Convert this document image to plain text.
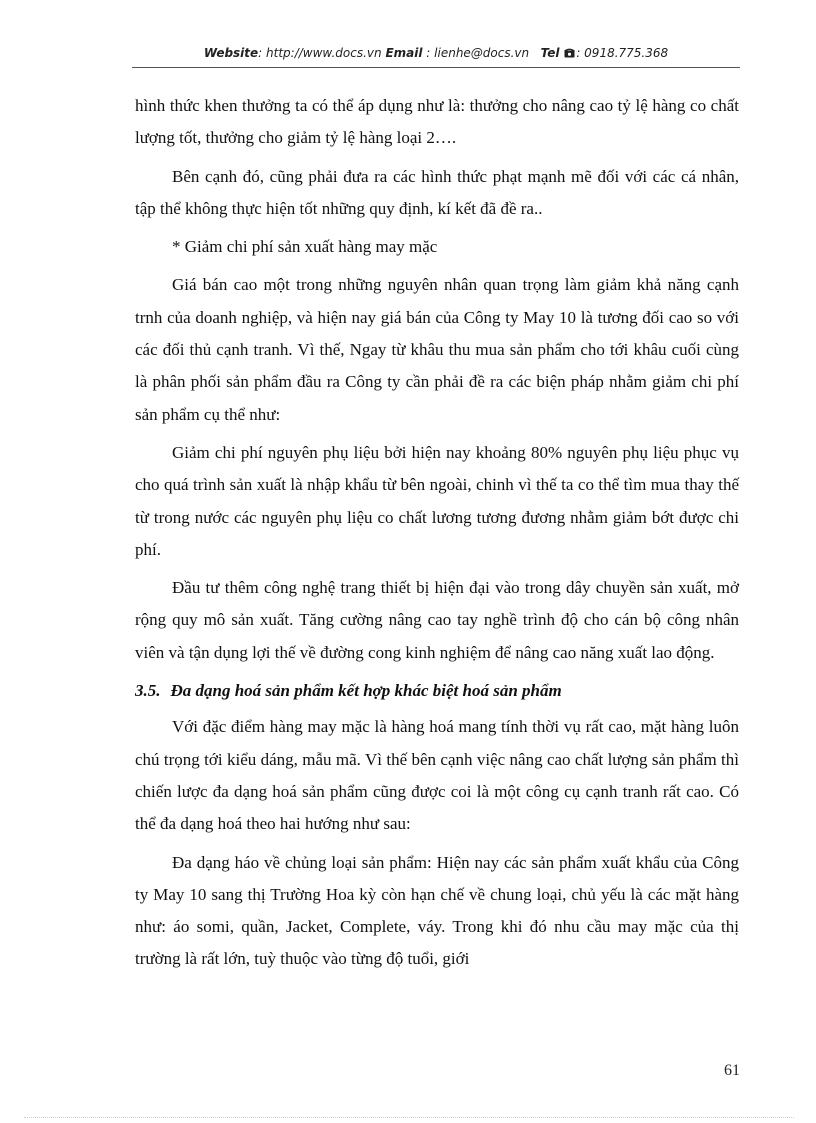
Website: http://www.docs.vn Email : lienhe@docs.vn Tel : 0918.775.368

hình thức khen thưởng ta có thể áp dụng như là: thưởng cho nâng cao tỷ lệ hàng co chất lượng tốt, thưởng cho giảm tỷ lệ hàng loại 2….

Bên cạnh đó, cũng phải đưa ra các hình thức phạt mạnh mẽ đối với các cá nhân, tập thể không thực hiện tốt những quy định, kí kết đã đề ra..

* Giảm chi phí sản xuất hàng may mặc

Giá bán cao một trong những nguyên nhân quan trọng làm giảm khả năng cạnh trnh của doanh nghiệp, và hiện nay giá bán của Công ty May 10 là tương đối cao so với các đối thủ cạnh tranh. Vì thế, Ngay từ khâu thu mua sản phẩm cho tới khâu cuối cùng là phân phối sản phẩm đầu ra Công ty cần phải đề ra các biện pháp nhằm giảm chi phí sản phẩm cụ thể như:

Giảm chi phí nguyên phụ liệu bởi hiện nay khoảng 80% nguyên phụ liệu phục vụ cho quá trình sản xuất là nhập khẩu từ bên ngoài, chinh vì thế ta co thể tìm mua thay thế từ trong nước các nguyên phụ liệu co chất lương tương đương nhằm giảm bớt được chi phí.

Đầu tư thêm công nghệ trang thiết bị hiện đại vào trong dây chuyền sản xuất, mở rộng quy mô sản xuất. Tăng cường nâng cao tay nghề trình độ cho cán bộ công nhân viên và tận dụng lợi thế về đường cong kinh nghiệm để nâng cao năng xuất lao động.

3.5. Đa dạng hoá sản phẩm kết hợp khác biệt hoá sản phẩm

Với đặc điểm hàng may mặc là hàng hoá mang tính thời vụ rất cao, mặt hàng luôn chú trọng tới kiểu dáng, mẫu mã. Vì thế bên cạnh việc nâng cao chất lượng sản phẩm thì chiến lược đa dạng hoá sản phẩm cũng được coi là một công cụ cạnh tranh rất cao. Có thể đa dạng hoá theo hai hướng như sau:

Đa dạng háo về chủng loại sản phẩm: Hiện nay các sản phẩm xuất khẩu của Công ty May 10 sang thị Trường Hoa kỳ còn hạn chế về chung loại, chủ yếu là các mặt hàng như: áo somi, quần, Jacket, Complete, váy. Trong khi đó nhu cầu may mặc của thị trường là rất lớn, tuỳ thuộc vào từng độ tuổi, giới

61
